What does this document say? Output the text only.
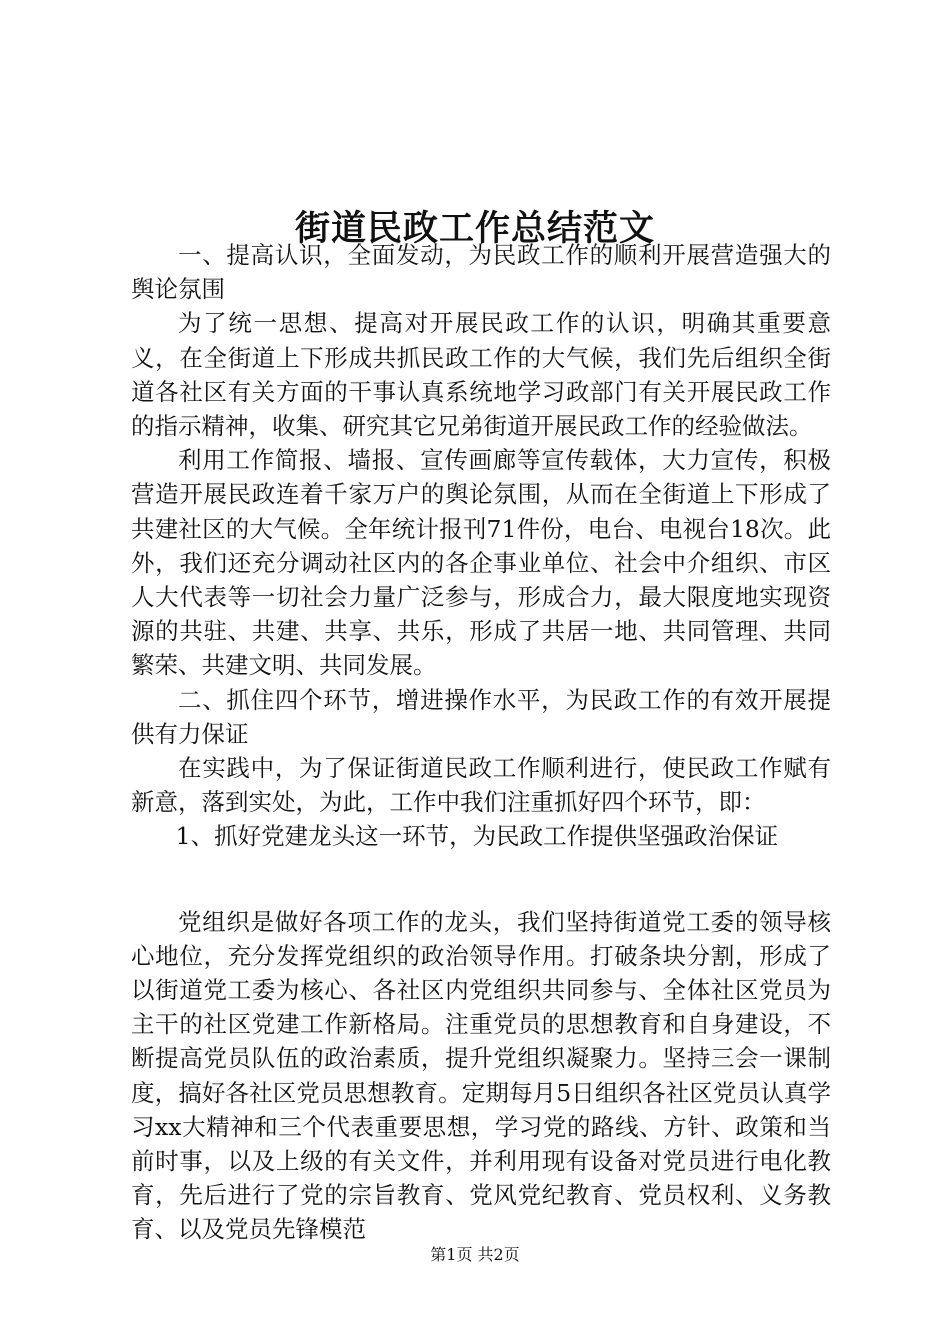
街道民政工作总结范文

一、提高认识，全面发动，为民政工作的顺利开展营造强大的舆论氛围

为了统一思想、提高对开展民政工作的认识，明确其重要意义，在全街道上下形成共抓民政工作的大气候，我们先后组织全街道各社区有关方面的干事认真系统地学习政部门有关开展民政工作的指示精神，收集、研究其它兄弟街道开展民政工作的经验做法。

利用工作简报、墙报、宣传画廊等宣传载体，大力宣传，积极营造开展民政连着千家万户的舆论氛围，从而在全街道上下形成了共建社区的大气候。全年统计报刊71件份，电台、电视台18次。此外，我们还充分调动社区内的各企事业单位、社会中介组织、市区人大代表等一切社会力量广泛参与，形成合力，最大限度地实现资源的共驻、共建、共享、共乐，形成了共居一地、共同管理、共同繁荣、共建文明、共同发展。

二、抓住四个环节，增进操作水平，为民政工作的有效开展提供有力保证

在实践中，为了保证街道民政工作顺利进行，使民政工作赋有新意，落到实处，为此，工作中我们注重抓好四个环节，即：

1、抓好党建龙头这一环节，为民政工作提供坚强政治保证

党组织是做好各项工作的龙头，我们坚持街道党工委的领导核心地位，充分发挥党组织的政治领导作用。打破条块分割，形成了以街道党工委为核心、各社区内党组织共同参与、全体社区党员为主干的社区党建工作新格局。注重党员的思想教育和自身建设，不断提高党员队伍的政治素质，提升党组织凝聚力。坚持三会一课制度，搞好各社区党员思想教育。定期每月5日组织各社区党员认真学习xx大精神和三个代表重要思想，学习党的路线、方针、政策和当前时事，以及上级的有关文件，并利用现有设备对党员进行电化教育，先后进行了党的宗旨教育、党风党纪教育、党员权利、义务教育、以及党员先锋模范

第1页 共2页
